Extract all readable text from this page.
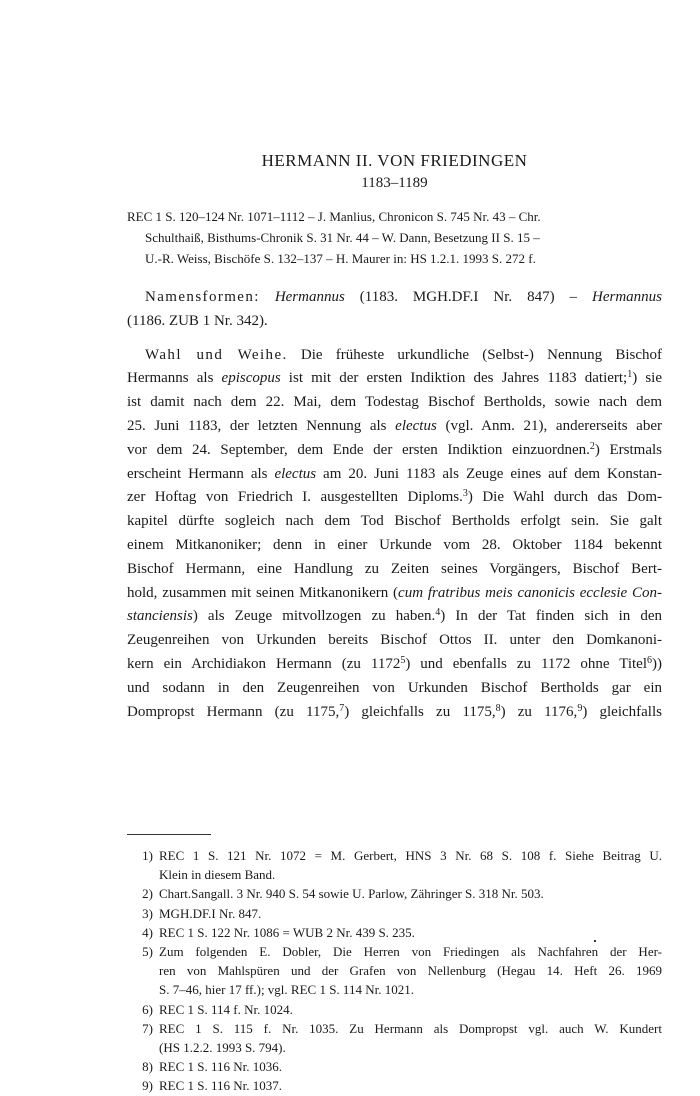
HERMANN II. VON FRIEDINGEN
1183–1189
REC 1 S. 120–124 Nr. 1071–1112 – J. Manlius, Chronicon S. 745 Nr. 43 – Chr.
Schulthaiß, Bisthums-Chronik S. 31 Nr. 44 – W. Dann, Besetzung II S. 15 –
U.-R. Weiss, Bischöfe S. 132–137 – H. Maurer in: HS 1.2.1. 1993 S. 272 f.
Namensformen: Hermannus (1183. MGH.DF.I Nr. 847) – Hermannus
(1186. ZUB 1 Nr. 342).
Wahl und Weihe. Die früheste urkundliche (Selbst-) Nennung Bischof
Hermanns als episcopus ist mit der ersten Indiktion des Jahres 1183 datiert;$^1$) sie
ist damit nach dem 22. Mai, dem Todestag Bischof Bertholds, sowie nach dem
25. Juni 1183, der letzten Nennung als electus (vgl. Anm. 21), andererseits aber
vor dem 24. September, dem Ende der ersten Indiktion einzuordnen.$^2$) Erstmals
erscheint Hermann als electus am 20. Juni 1183 als Zeuge eines auf dem Konstan-
zer Hoftag von Friedrich I. ausgestellten Diploms.$^3$) Die Wahl durch das Dom-
kapitel dürfte sogleich nach dem Tod Bischof Bertholds erfolgt sein. Sie galt
einem Mitkanoniker; denn in einer Urkunde vom 28. Oktober 1184 bekennt
Bischof Hermann, eine Handlung zu Zeiten seines Vorgängers, Bischof Bert-
hold, zusammen mit seinen Mitkanonikern (cum fratribus meis canonicis ecclesie Con-
stanciensis) als Zeuge mitvollzogen zu haben.$^4$) In der Tat finden sich in den
Zeugenreihen von Urkunden bereits Bischof Ottos II. unter den Domkanoni-
kern ein Archidiakon Hermann (zu 1172$^5$) und ebenfalls zu 1172 ohne Titel$^6$))
und sodann in den Zeugenreihen von Urkunden Bischof Bertholds gar ein
Dompropst Hermann (zu 1175,$^7$) gleichfalls zu 1175,$^8$) zu 1176,$^9$) gleichfalls
1) REC 1 S. 121 Nr. 1072 = M. Gerbert, HNS 3 Nr. 68 S. 108 f. Siehe Beitrag U.
Klein in diesem Band.
2) Chart.Sangall. 3 Nr. 940 S. 54 sowie U. Parlow, Zähringer S. 318 Nr. 503.
3) MGH.DF.I Nr. 847.
4) REC 1 S. 122 Nr. 1086 = WUB 2 Nr. 439 S. 235.
5) Zum folgenden E. Dobler, Die Herren von Friedingen als Nachfahren der Her-
ren von Mahlspüren und der Grafen von Nellenburg (Hegau 14. Heft 26. 1969
S. 7–46, hier 17 ff.); vgl. REC 1 S. 114 Nr. 1021.
6) REC 1 S. 114 f. Nr. 1024.
7) REC 1 S. 115 f. Nr. 1035. Zu Hermann als Dompropst vgl. auch W. Kundert
(HS 1.2.2. 1993 S. 794).
8) REC 1 S. 116 Nr. 1036.
9) REC 1 S. 116 Nr. 1037.
